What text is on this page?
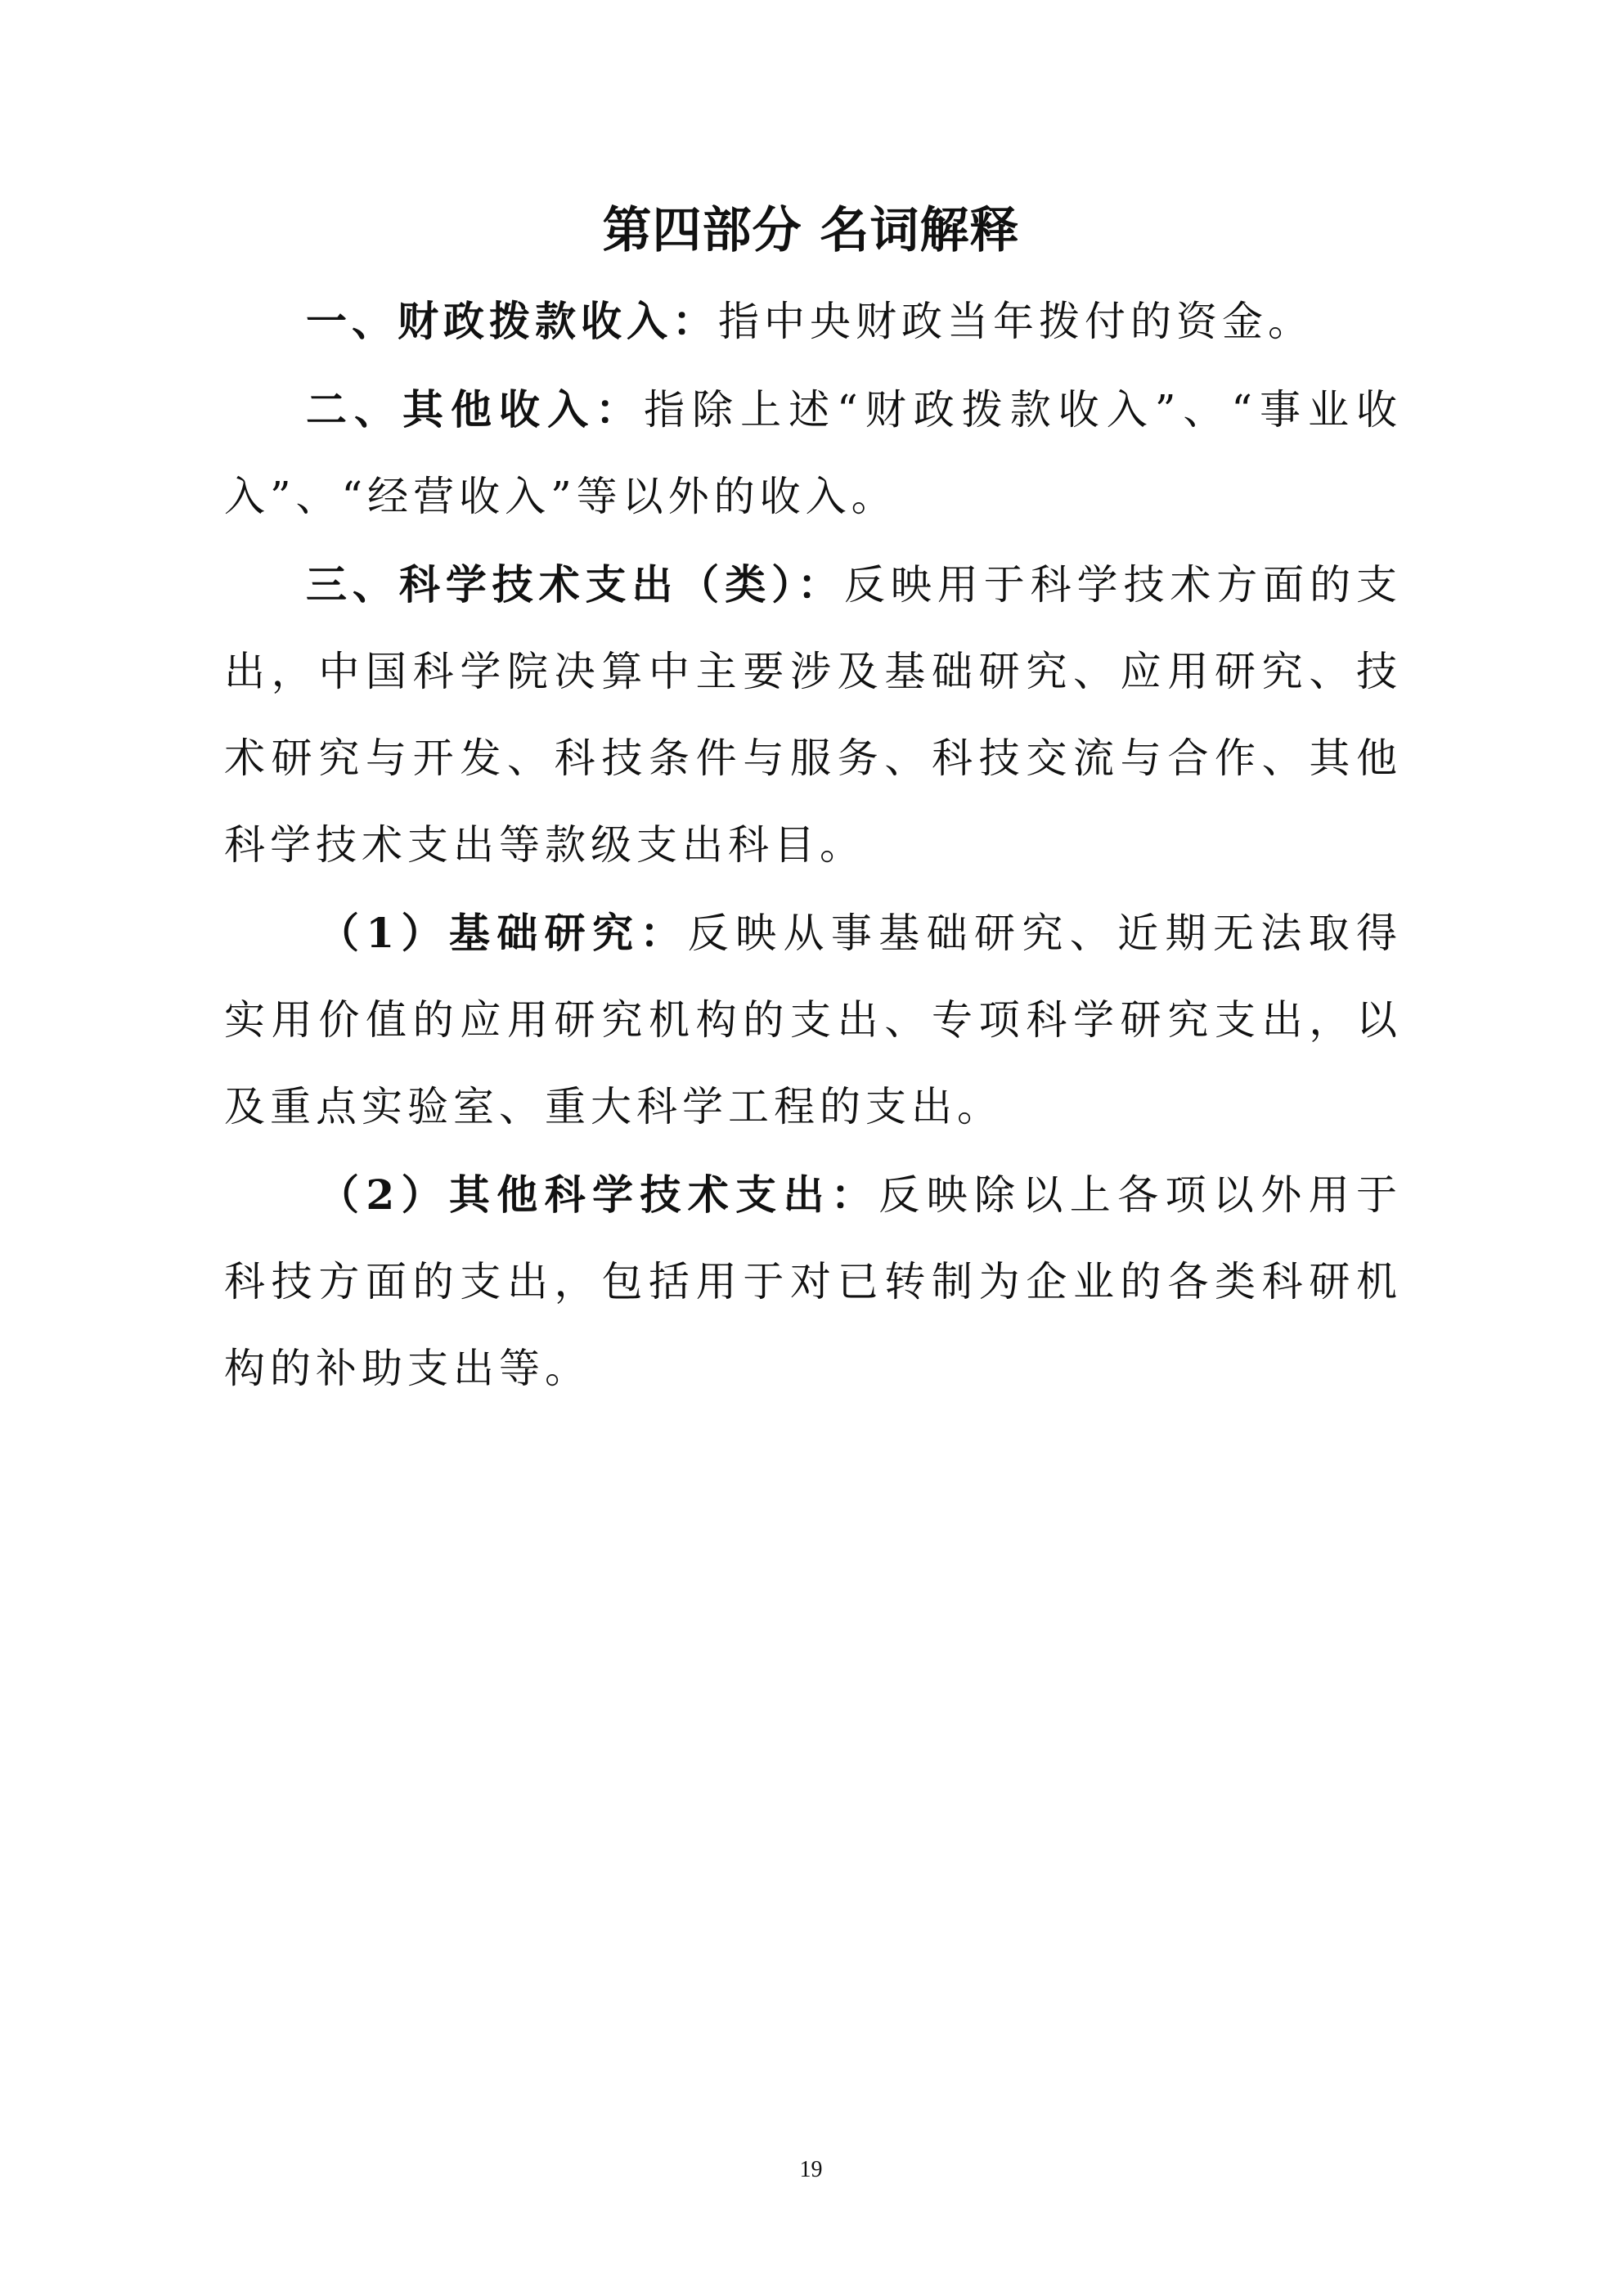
第四部分 名词解释

一、财政拨款收入：指中央财政当年拨付的资金。

二、其他收入：指除上述“财政拨款收入”、“事业收入”、“经营收入”等以外的收入。

三、科学技术支出（类）：反映用于科学技术方面的支出，中国科学院决算中主要涉及基础研究、应用研究、技术研究与开发、科技条件与服务、科技交流与合作、其他科学技术支出等款级支出科目。

（1）基础研究：反映从事基础研究、近期无法取得实用价值的应用研究机构的支出、专项科学研究支出，以及重点实验室、重大科学工程的支出。

（2）其他科学技术支出：反映除以上各项以外用于科技方面的支出，包括用于对已转制为企业的各类科研机构的补助支出等。

19
